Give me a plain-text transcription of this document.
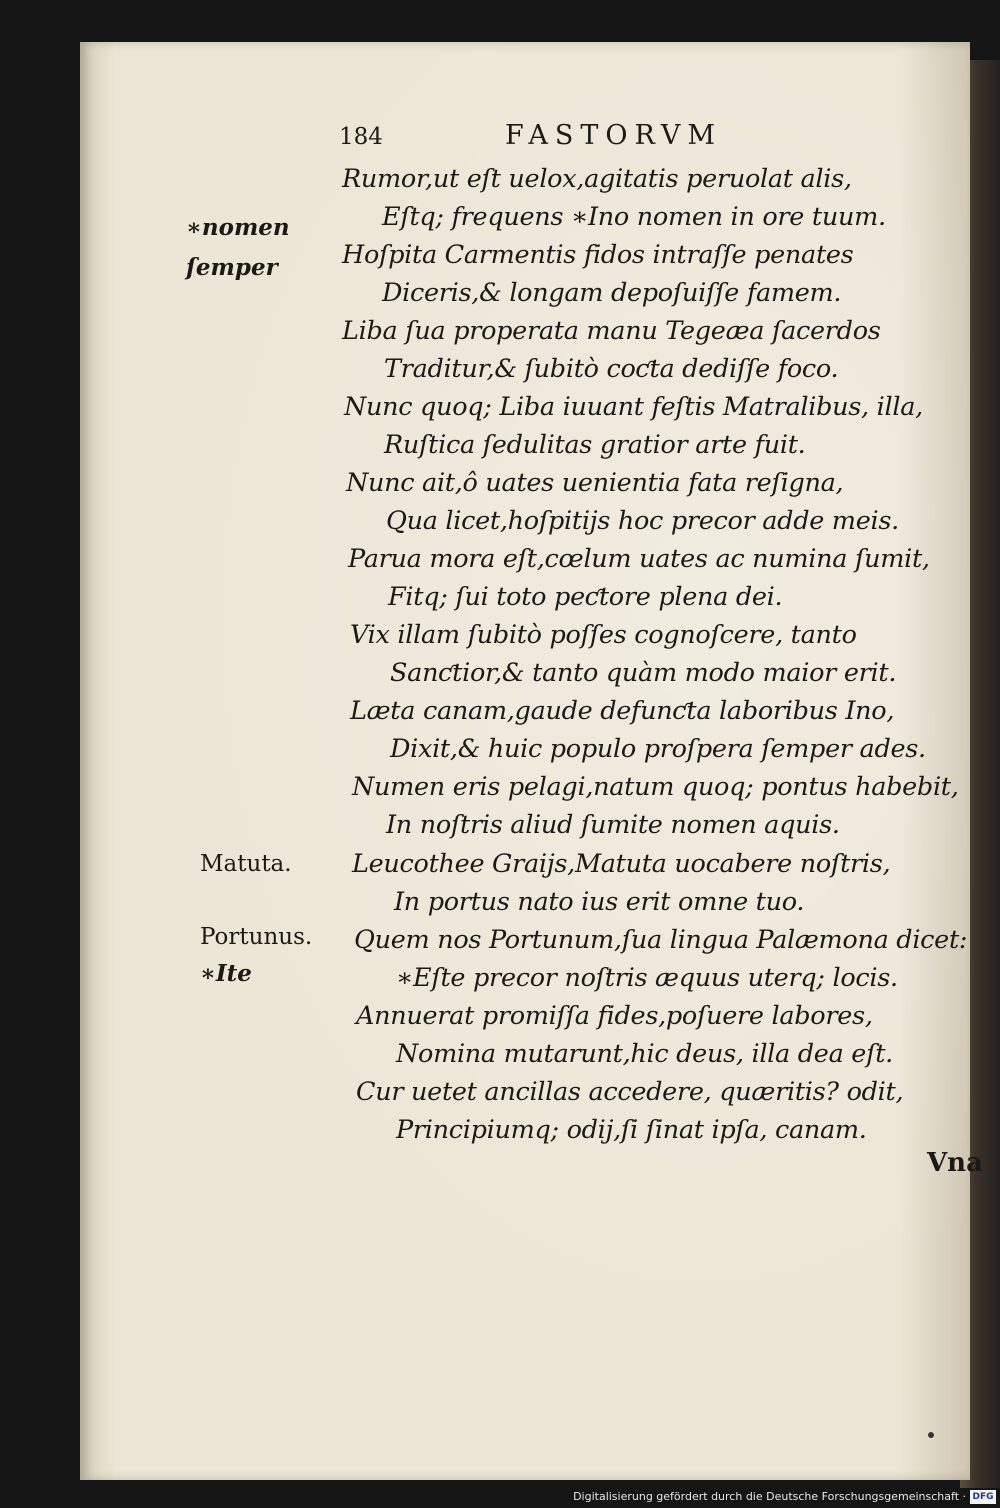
184	FASTORVM
∗nomen
ſemper
Matuta.
Portunus.
∗Ite
Rumor,ut eſt uelox,agitatis peruolat alis,
Eſtq; frequens ∗Ino nomen in ore tuum.
Hoſpita Carmentis fidos intraſſe penates
Diceris,& longam depoſuiſſe famem.
Liba ſua properata manu Tegeæa ſacerdos
Traditur,& ſubitò coƈta dediſſe foco.
Nunc quoq; Liba iuuant feſtis Matralibus, illa,
Ruſtica ſedulitas gratior arte fuit.
Nunc ait,ô uates uenientia fata reſigna,
Qua licet,hoſpitijs hoc precor adde meis.
Parua mora eſt,cœlum uates ac numina ſumit,
Fitq; ſui toto peƈtore plena dei.
Vix illam ſubitò poſſes cognoſcere, tanto
Sanƈtior,& tanto quàm modo maior erit.
Læta canam,gaude defunƈta laboribus Ino,
Dixit,& huic populo proſpera ſemper ades.
Numen eris pelagi,natum quoq; pontus habebit,
In noſtris aliud ſumite nomen aquis.
Leucothee Graijs,Matuta uocabere noſtris,
In portus nato ius erit omne tuo.
Quem nos Portunum,ſua lingua Palæmona dicet:
∗Eſte precor noſtris æquus uterq; locis.
Annuerat promiſſa fides,poſuere labores,
Nomina mutarunt,hic deus, illa dea eſt.
Cur uetet ancillas accedere, quæritis? odit,
Principiumq; odij,ſi ſinat ipſa, canam.
Vna
Digitalisierung gefördert durch die Deutsche Forschungsgemeinschaft · DFG
